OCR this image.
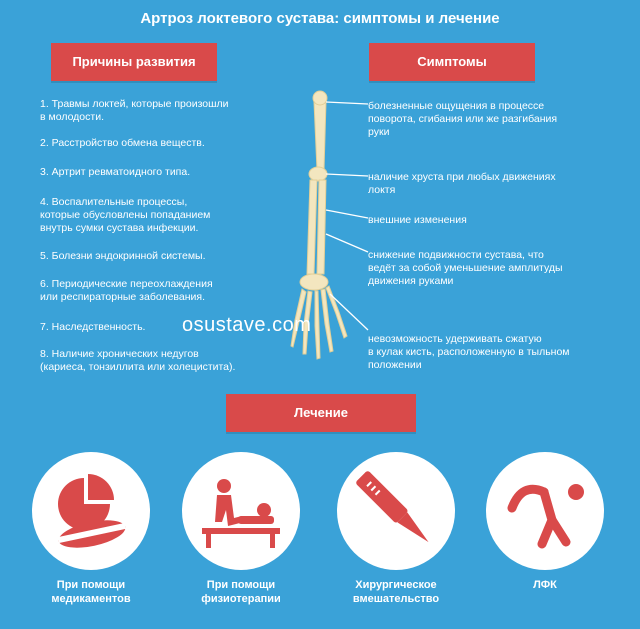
Артроз локтевого сустава: симптомы и лечение
Причины развития	Симптомы
1. Травмы локтей, которые произошли
в молодости.
2. Расстройство обмена веществ.
3. Артрит ревматоидного типа.
4. Воспалительные процессы,
которые обусловлены попаданием
внутрь сумки сустава инфекции.
5. Болезни эндокринной системы.
6. Периодические переохлаждения
или респираторные заболевания.
7. Наследственность.
8. Наличие хронических недугов
(кариеса, тонзиллита или холецистита).
болезненные ощущения в процессе
поворота, сгибания или же разгибания
руки
наличие хруста при любых движениях
локтя
внешние изменения
снижение подвижности сустава, что
ведёт за собой уменьшение амплитуды
движения руками
невозможность удерживать сжатую
в кулак кисть, расположенную в тыльном
положении
osustave.com
Лечение
При помощи
медикаментов
При помощи
физиотерапии
Хирургическое
вмешательство
ЛФК
